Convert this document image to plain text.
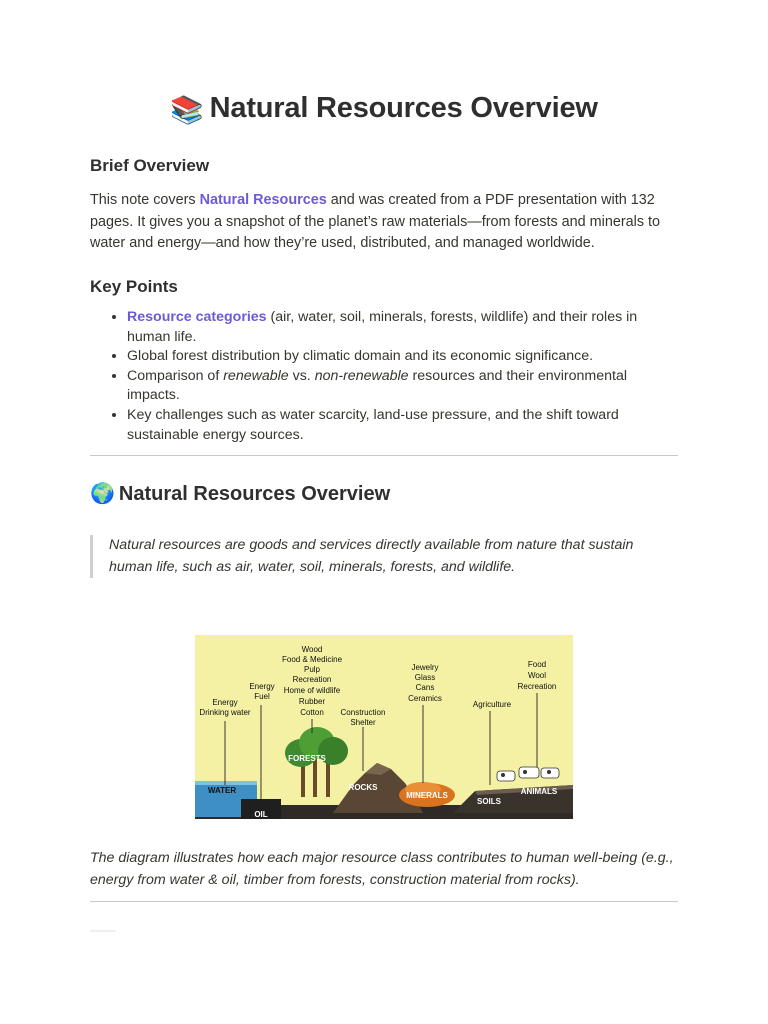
📚 Natural Resources Overview
Brief Overview

This note covers Natural Resources and was created from a PDF presentation with 132 pages. It gives you a snapshot of the planet’s raw materials—from forests and minerals to water and energy—and how they’re used, distributed, and managed worldwide.

Key Points
• Resource categories (air, water, soil, minerals, forests, wildlife) and their roles in human life.
• Global forest distribution by climatic domain and its economic significance.
• Comparison of renewable vs. non-renewable resources and their environmental impacts.
• Key challenges such as water scarcity, land-use pressure, and the shift toward sustainable energy sources.
🌍 Natural Resources Overview
Natural resources are goods and services directly available from nature that sustain human life, such as air, water, soil, minerals, forests, and wildlife.
Energy
Drinking water
Energy
Fuel
Wood
Food & Medicine
Pulp
Recreation
Home of wildlife
Rubber
Cotton Construction
Shelter
Jewelry
Glass
Cans
Ceramics
Agriculture
Food
Wool
Recreation
WATER
OIL
FORESTS
ROCKS
MINERALS
SOILS
ANIMALS

The diagram illustrates how each major resource class contributes to human well-being (e.g., energy from water & oil, timber from forests, construction material from rocks).
